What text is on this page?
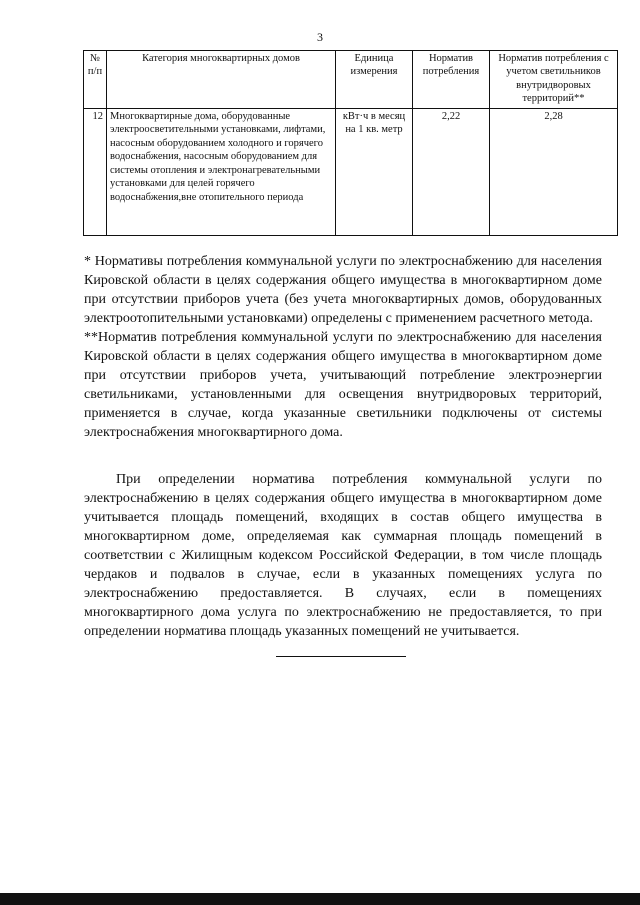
3
№ п/п	Категория многоквартирных домов	Единица измерения	Норматив потребления	Норматив потребления с учетом светильников внутридворовых территорий**
12	Многоквартирные дома, оборудованные электроосветительными установками, лифтами, насосным оборудованием холодного и горячего водоснабжения, насосным оборудованием для системы отопления и электронагревательными установками для целей горячего водоснабжения,вне отопительного периода	кВт·ч в месяц на 1 кв. метр	2,22	2,28

* Нормативы потребления коммунальной услуги по электроснабжению для населения Кировской области в целях содержания общего имущества в многоквартирном доме при отсутствии приборов учета (без учета многоквартирных домов, оборудованных электроотопительными установками) определены с применением расчетного метода.

**Норматив потребления коммунальной услуги по электроснабжению для населения Кировской области в целях содержания общего имущества в многоквартирном доме при отсутствии приборов учета, учитывающий потребление электроэнергии светильниками, установленными для освещения внутридворовых территорий, применяется в случае, когда указанные светильники подключены от системы электроснабжения многоквартирного дома.

При определении норматива потребления коммунальной услуги по электроснабжению в целях содержания общего имущества в многоквартирном доме учитывается площадь помещений, входящих в состав общего имущества в многоквартирном доме, определяемая как суммарная площадь помещений в соответствии с Жилищным кодексом Российской Федерации, в том числе площадь чердаков и подвалов в случае, если в указанных помещениях услуга по электроснабжению предоставляется. В случаях, если в помещениях многоквартирного дома услуга по электроснабжению не предоставляется, то при определении норматива площадь указанных помещений не учитывается.
